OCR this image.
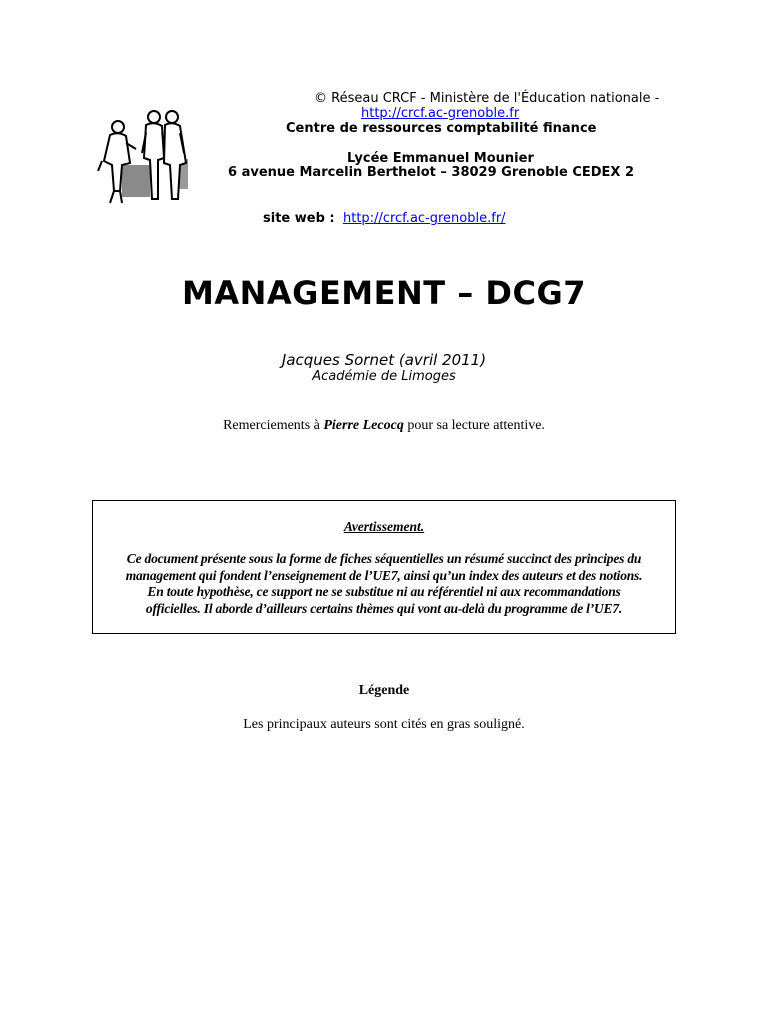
© Réseau CRCF - Ministère de l'Éducation nationale -
http://crcf.ac-grenoble.fr
Centre de ressources comptabilité finance
Lycée Emmanuel Mounier
6 avenue Marcelin Berthelot – 38029 Grenoble CEDEX 2
site web : http://crcf.ac-grenoble.fr/
MANAGEMENT – DCG7
Jacques Sornet (avril 2011)
Académie de Limoges
Remerciements à Pierre Lecocq pour sa lecture attentive.
Avertissement.
Ce document présente sous la forme de fiches séquentielles un résumé succinct des principes du
management qui fondent l’enseignement de l’UE7, ainsi qu’un index des auteurs et des notions.
En toute hypothèse, ce support ne se substitue ni au référentiel ni aux recommandations
officielles. Il aborde d’ailleurs certains thèmes qui vont au-delà du programme de l’UE7.
Légende
Les principaux auteurs sont cités en gras souligné.
